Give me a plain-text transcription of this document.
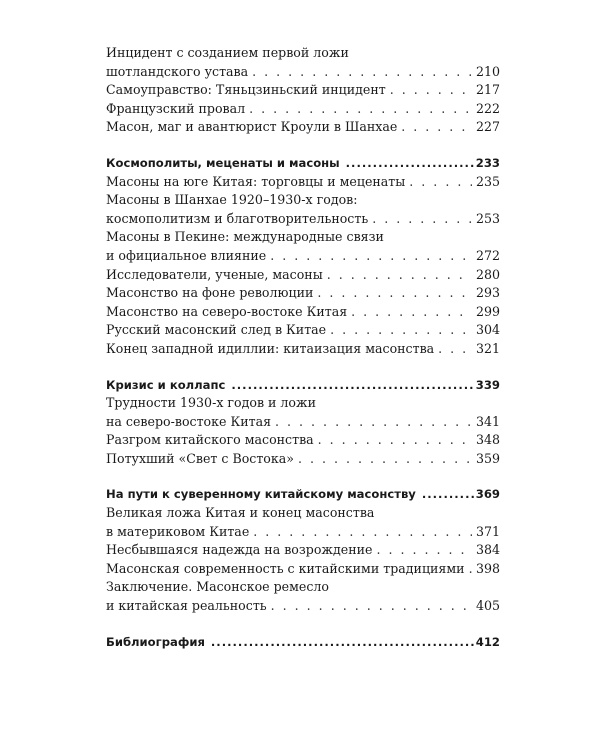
Инцидент с созданием первой ложи
шотландского устава . . .	210
Самоуправство: Тяньцзиньский инцидент . . .	217
Французский провал . . .	222
Масон, маг и авантюрист Кроули в Шанхае . . .	227
Космополиты, меценаты и масоны .....	233
Масоны на юге Китая: торговцы и меценаты . . .	235
Масоны в Шанхае 1920–1930-х годов:
космополитизм и благотворительность . . .	253
Масоны в Пекине: международные связи
и официальное влияние . . .	272
Исследователи, ученые, масоны . . .	280
Масонство на фоне революции . . .	293
Масонство на северо-востоке Китая . . .	299
Русский масонский след в Китае . . .	304
Конец западной идиллии: китаизация масонства . . .	321
Кризис и коллапс .....	339
Трудности 1930-х годов и ложи
на северо-востоке Китая . . .	341
Разгром китайского масонства . . .	348
Потухший «Свет с Востока» . . .	359
На пути к суверенному китайскому масонству .....	369
Великая ложа Китая и конец масонства
в материковом Китае . . .	371
Несбывшаяся надежда на возрождение . . .	384
Масонская современность с китайскими традициями . . . 398
Заключение. Масонское ремесло
и китайская реальность . . .	405
Библиография .....	412
